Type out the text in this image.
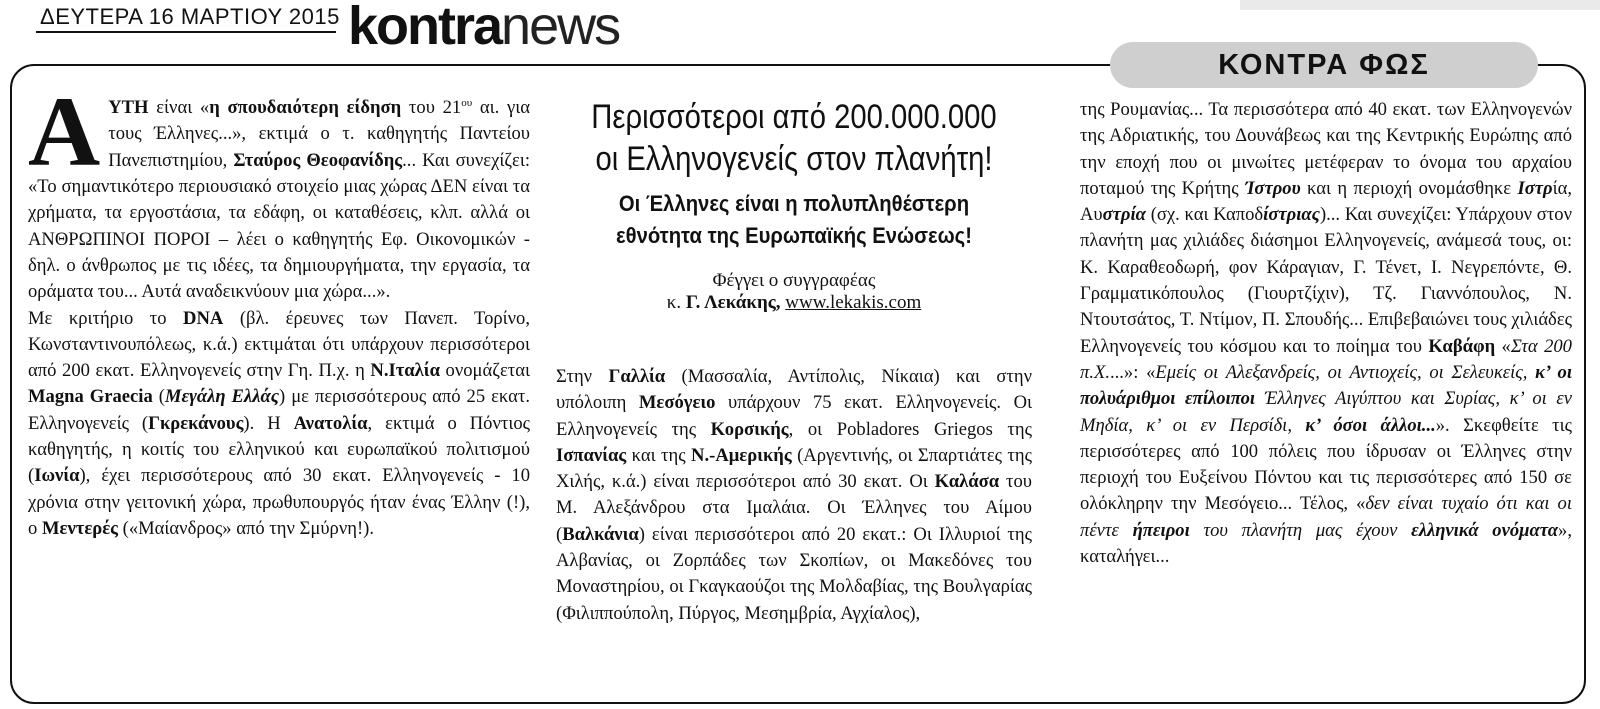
ΔΕΥΤΕΡΑ 16 ΜΑΡΤΙΟΥ 2015 kontranews
ΚΟΝΤΡΑ ΦΩΣ

ΑΥΤΗ είναι «η σπουδαιότερη είδηση του $21^{o\upsilon}$ αι. για τους Έλληνες...», εκτιμά ο τ. καθηγητής Παντείου Πανεπιστημίου, Σταύρος Θεοφανίδης... Και συνεχίζει: «Το σημαντικότερο περιουσιακό στοιχείο μιας χώρας ΔΕΝ είναι τα χρήματα, τα εργοστάσια, τα εδάφη, οι καταθέσεις, κλπ. αλλά οι ΑΝΘΡΩΠΙΝΟΙ ΠΟΡΟΙ – λέει ο καθηγητής Εφ. Οικονομικών - δηλ. ο άνθρωπος με τις ιδέες, τα δημιουργήματα, την εργασία, τα οράματα του... Αυτά αναδεικνύουν μια χώρα...».

Με κριτήριο το DNA (βλ. έρευνες των Πανεπ. Τορίνο, Κωνσταντινουπόλεως, κ.ά.) εκτιμάται ότι υπάρχουν περισσότεροι από 200 εκατ. Ελληνογενείς στην Γη. Π.χ. η Ν.Ιταλία ονομάζεται Magna Graecia (Μεγάλη Ελλάς) με περισσότερους από 25 εκατ. Ελληνογενείς (Γκρεκάνους). Η Ανατολία, εκτιμά ο Πόντιος καθηγητής, η κοιτίς του ελληνικού και ευρωπαϊκού πολιτισμού (Ιωνία), έχει περισσότερους από 30 εκατ. Ελληνογενείς - 10 χρόνια στην γειτονική χώρα, πρωθυπουργός ήταν ένας Έλλην (!), ο Μεντερές («Μαίανδρος» από την Σμύρνη!).

Περισσότεροι από 200.000.000
οι Ελληνογενείς στον πλανήτη!
Οι Έλληνες είναι η πολυπληθέστερη
εθνότητα της Ευρωπαϊκής Ενώσεως!
Φέγγει ο συγγραφέας
κ. Γ. Λεκάκης, www.lekakis.com

Στην Γαλλία (Μασσαλία, Αντίπολις, Νίκαια) και στην υπόλοιπη Μεσόγειο υπάρχουν 75 εκατ. Ελληνογενείς. Οι Ελληνογενείς της Κορσικής, οι Pobladores Griegos της Ισπανίας και της Ν.-Αμερικής (Αργεντινής, οι Σπαρτιάτες της Χιλής, κ.ά.) είναι περισσότεροι από 30 εκατ. Οι Καλάσα του Μ. Αλεξάνδρου στα Ιμαλάια. Οι Έλληνες του Αίμου (Βαλκάνια) είναι περισσότεροι από 20 εκατ.: Οι Ιλλυριοί της Αλβανίας, οι Ζορπάδες των Σκοπίων, οι Μακεδόνες του Μοναστηρίου, οι Γκαγκαούζοι της Μολδαβίας, της Βουλγαρίας (Φιλιππούπολη, Πύργος, Μεσημβρία, Αγχίαλος),

της Ρουμανίας... Τα περισσότερα από 40 εκατ. των Ελληνογενών της Αδριατικής, του Δουνάβεως και της Κεντρικής Ευρώπης από την εποχή που οι μινωίτες μετέφεραν το όνομα του αρχαίου ποταμού της Κρήτης Ίστρου και η περιοχή ονομάσθηκε Ιστρία, Αυστρία (σχ. και Καποδίστριας)... Και συνεχίζει: Υπάρχουν στον πλανήτη μας χιλιάδες διάσημοι Ελληνογενείς, ανάμεσά τους, οι: Κ. Καραθεοδωρή, φον Κάραγιαν, Γ. Τένετ, Ι. Νεγρεπόντε, Θ. Γραμματικόπουλος (Γιουρτζίχιν), Τζ. Γιαννόπουλος, Ν. Ντουτσάτος, Τ. Ντίμον, Π. Σπουδής... Επιβεβαιώνει τους χιλιάδες Ελληνογενείς του κόσμου και το ποίημα του Καβάφη «Στα 200 π.Χ....»: «Εμείς οι Αλεξανδρείς, οι Αντιοχείς, οι Σελευκείς, κ’ οι πολυάριθμοι επίλοιποι Έλληνες Αιγύπτου και Συρίας, κ’ οι εν Μηδία, κ’ οι εν Περσίδι, κ’ όσοι άλλοι...». Σκεφθείτε τις περισσότερες από 100 πόλεις που ίδρυσαν οι Έλληνες στην περιοχή του Ευξείνου Πόντου και τις περισσότερες από 150 σε ολόκληρην την Μεσόγειο... Τέλος, «δεν είναι τυχαίο ότι και οι πέντε ήπειροι του πλανήτη μας έχουν ελληνικά ονόματα», καταλήγει...
